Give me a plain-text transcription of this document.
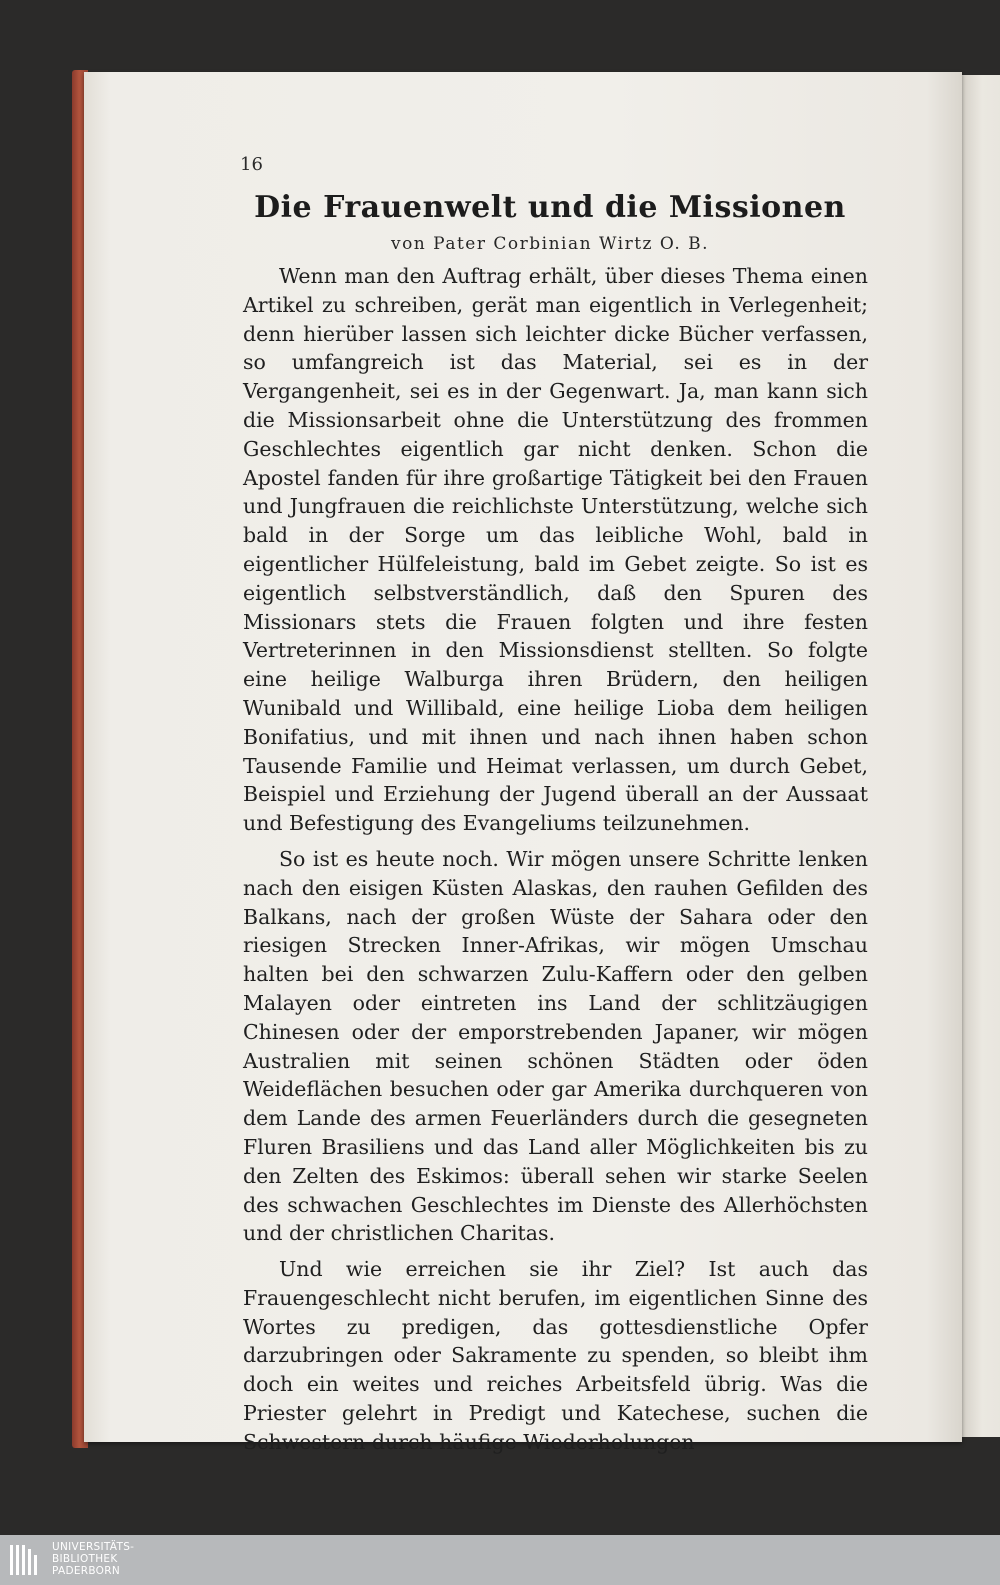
16
Die Frauenwelt und die Missionen
von Pater Corbinian Wirtz O. B.

Wenn man den Auftrag erhält, über dieses Thema einen Artikel zu schreiben, gerät man eigentlich in Verlegenheit; denn hierüber lassen sich leichter dicke Bücher verfassen, so umfangreich ist das Material, sei es in der Vergangenheit, sei es in der Gegenwart. Ja, man kann sich die Missionsarbeit ohne die Unterstützung des frommen Geschlechtes eigentlich gar nicht denken. Schon die Apostel fanden für ihre großartige Tätigkeit bei den Frauen und Jungfrauen die reichlichste Unterstützung, welche sich bald in der Sorge um das leibliche Wohl, bald in eigentlicher Hülfeleistung, bald im Gebet zeigte. So ist es eigentlich selbstverständlich, daß den Spuren des Missionars stets die Frauen folgten und ihre festen Vertreterinnen in den Missionsdienst stellten. So folgte eine heilige Walburga ihren Brüdern, den heiligen Wunibald und Willibald, eine heilige Lioba dem heiligen Bonifatius, und mit ihnen und nach ihnen haben schon Tausende Familie und Heimat verlassen, um durch Gebet, Beispiel und Erziehung der Jugend überall an der Aussaat und Befestigung des Evangeliums teilzunehmen.

So ist es heute noch. Wir mögen unsere Schritte lenken nach den eisigen Küsten Alaskas, den rauhen Gefilden des Balkans, nach der großen Wüste der Sahara oder den riesigen Strecken Inner-Afrikas, wir mögen Umschau halten bei den schwarzen Zulu-Kaffern oder den gelben Malayen oder eintreten ins Land der schlitzäugigen Chinesen oder der emporstrebenden Japaner, wir mögen Australien mit seinen schönen Städten oder öden Weideflächen besuchen oder gar Amerika durchqueren von dem Lande des armen Feuerländers durch die gesegneten Fluren Brasiliens und das Land aller Möglichkeiten bis zu den Zelten des Eskimos: überall sehen wir starke Seelen des schwachen Geschlechtes im Dienste des Allerhöchsten und der christlichen Charitas.

Und wie erreichen sie ihr Ziel? Ist auch das Frauengeschlecht nicht berufen, im eigentlichen Sinne des Wortes zu predigen, das gottesdienstliche Opfer darzubringen oder Sakramente zu spenden, so bleibt ihm doch ein weites und reiches Arbeitsfeld übrig. Was die Priester gelehrt in Predigt und Katechese, suchen die Schwestern durch häufige Wiederholungen

UNIVERSITÄTS-
BIBLIOTHEK
PADERBORN
